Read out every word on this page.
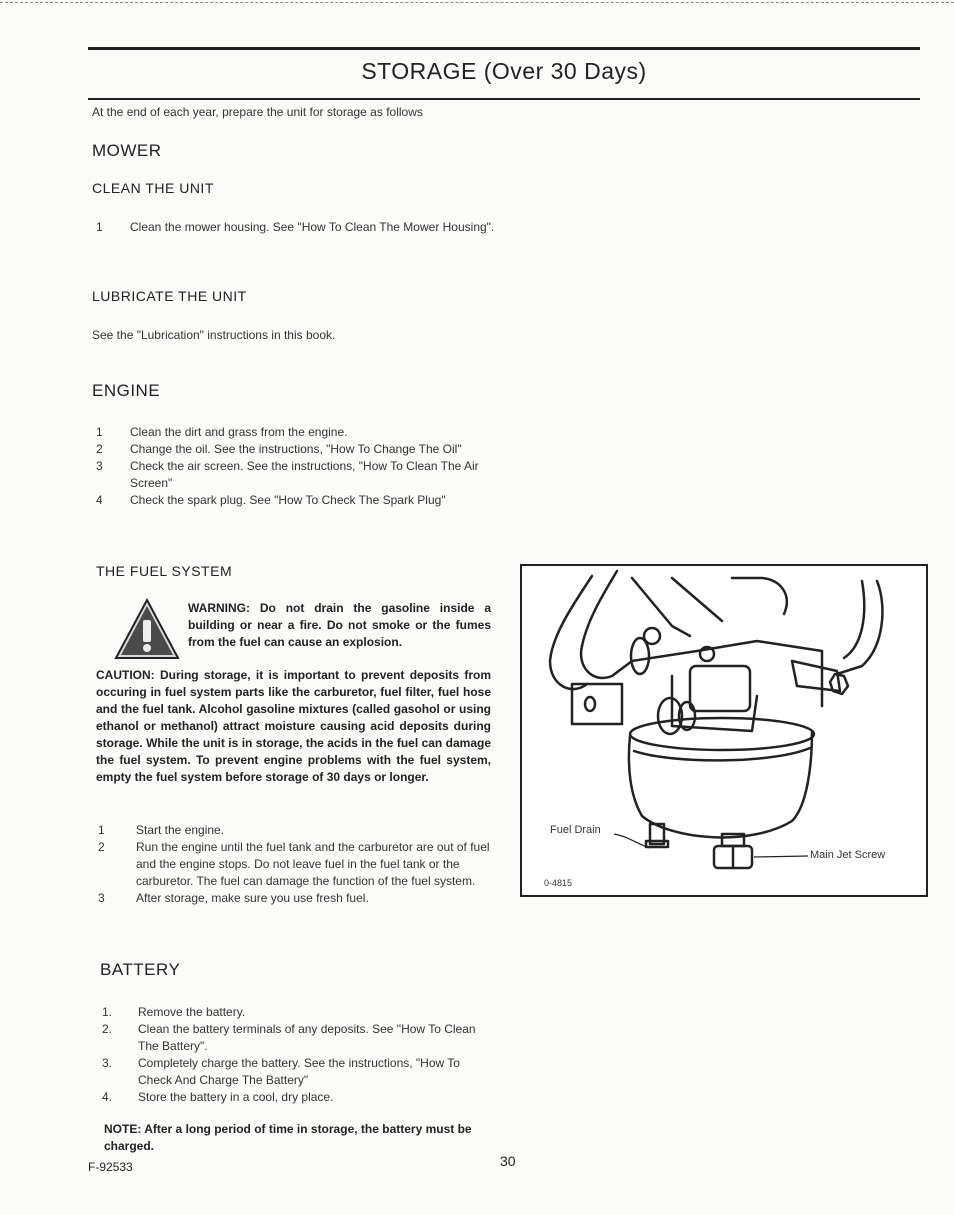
STORAGE (Over 30 Days)
At the end of each year, prepare the unit for storage as follows
MOWER
CLEAN THE UNIT
1 Clean the mower housing. See "How To Clean The Mower Housing".
LUBRICATE THE UNIT
See the "Lubrication" instructions in this book.
ENGINE
1 Clean the dirt and grass from the engine.
2 Change the oil. See the instructions, "How To Change The Oil"
3 Check the air screen. See the instructions, "How To Clean The Air Screen"
4 Check the spark plug. See "How To Check The Spark Plug"
THE FUEL SYSTEM
WARNING: Do not drain the gasoline inside a building or near a fire. Do not smoke or the fumes from the fuel can cause an explosion.
CAUTION: During storage, it is important to prevent deposits from occuring in fuel system parts like the carburetor, fuel filter, fuel hose and the fuel tank. Alcohol gasoline mixtures (called gasohol or using ethanol or methanol) attract moisture causing acid deposits during storage. While the unit is in storage, the acids in the fuel can damage the fuel system. To prevent engine problems with the fuel system, empty the fuel system before storage of 30 days or longer.
1	Start the engine.
2	Run the engine until the fuel tank and the carburetor are out of fuel and the engine stops. Do not leave fuel in the fuel tank or the carburetor. The fuel can damage the function of the fuel system.
3	After storage, make sure you use fresh fuel.
Fuel Drain
Main Jet Screw
0-4815
BATTERY
1. Remove the battery.
2. Clean the battery terminals of any deposits. See "How To Clean The Battery".
3. Completely charge the battery. See the instructions, "How To Check And Charge The Battery"
4. Store the battery in a cool, dry place.
NOTE: After a long period of time in storage, the battery must be charged.
F-92533	30
